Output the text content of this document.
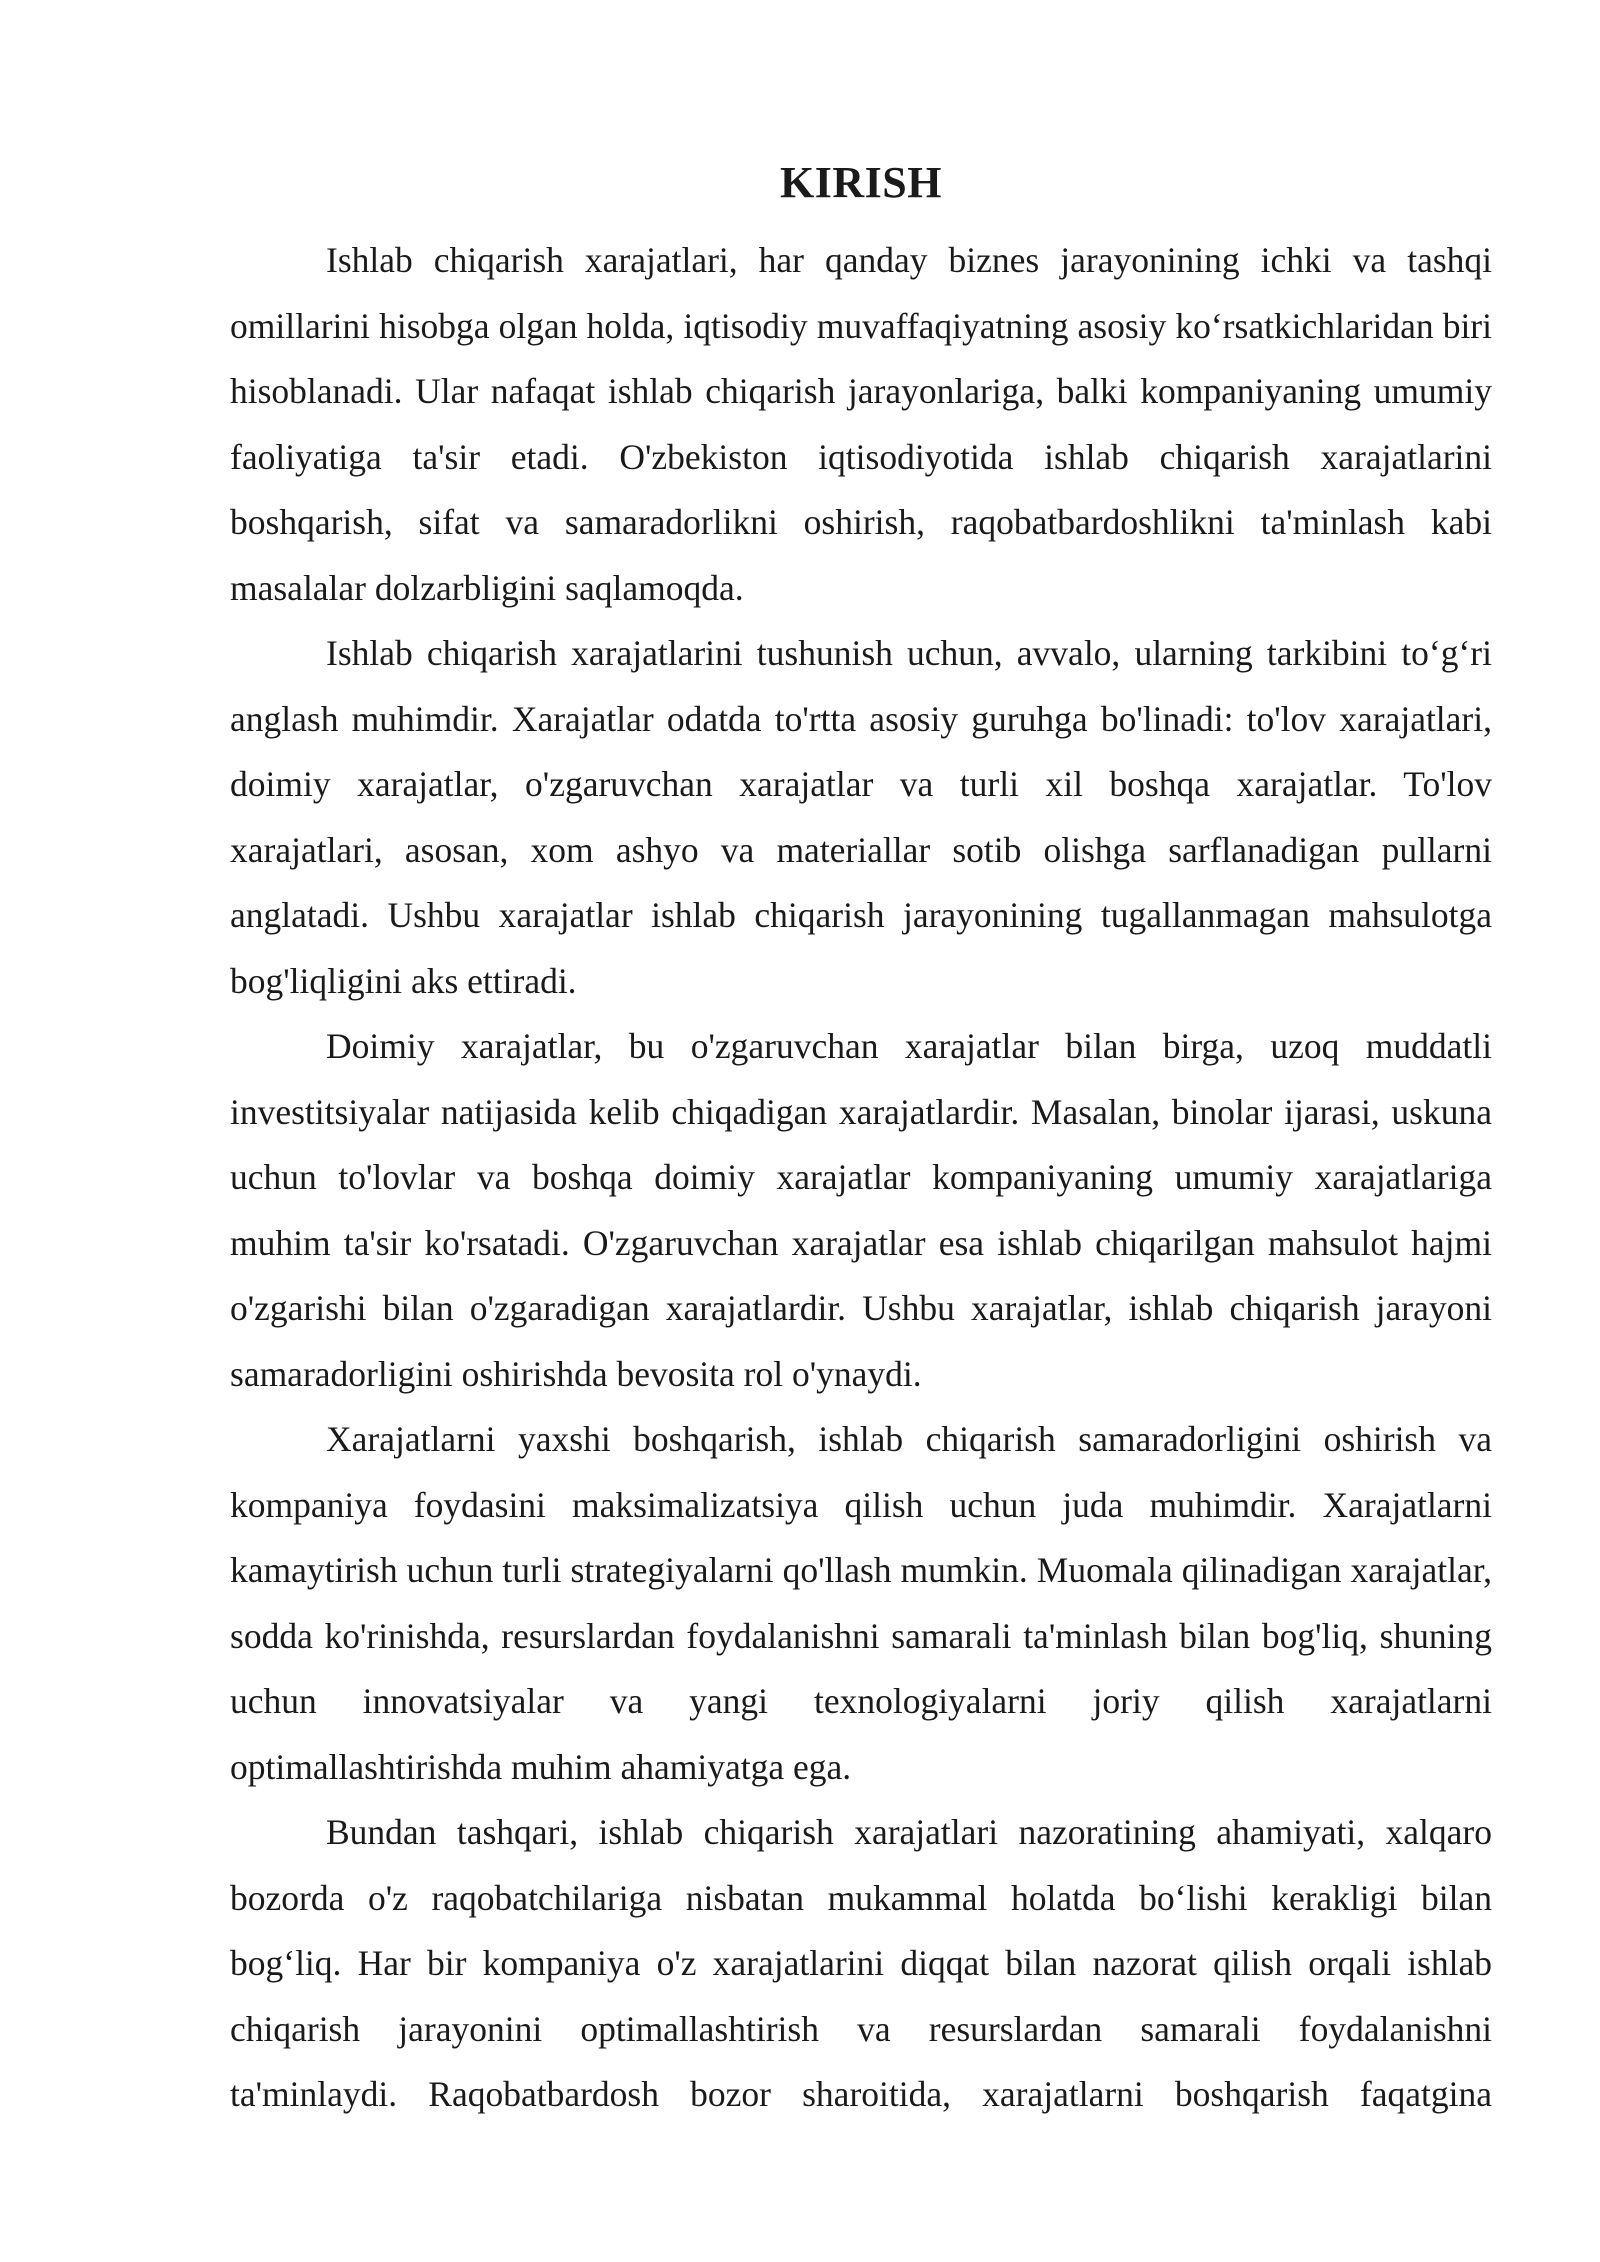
KIRISH

Ishlab chiqarish xarajatlari, har qanday biznes jarayonining ichki va tashqi omillarini hisobga olgan holda, iqtisodiy muvaffaqiyatning asosiy ko‘rsatkichlaridan biri hisoblanadi. Ular nafaqat ishlab chiqarish jarayonlariga, balki kompaniyaning umumiy faoliyatiga ta'sir etadi. O'zbekiston iqtisodiyotida ishlab chiqarish xarajatlarini boshqarish, sifat va samaradorlikni oshirish, raqobatbardoshlikni ta'minlash kabi masalalar dolzarbligini saqlamoqda.

Ishlab chiqarish xarajatlarini tushunish uchun, avvalo, ularning tarkibini to‘g‘ri anglash muhimdir. Xarajatlar odatda to'rtta asosiy guruhga bo'linadi: to'lov xarajatlari, doimiy xarajatlar, o'zgaruvchan xarajatlar va turli xil boshqa xarajatlar. To'lov xarajatlari, asosan, xom ashyo va materiallar sotib olishga sarflanadigan pullarni anglatadi. Ushbu xarajatlar ishlab chiqarish jarayonining tugallanmagan mahsulotga bog'liqligini aks ettiradi.

Doimiy xarajatlar, bu o'zgaruvchan xarajatlar bilan birga, uzoq muddatli investitsiyalar natijasida kelib chiqadigan xarajatlardir. Masalan, binolar ijarasi, uskuna uchun to'lovlar va boshqa doimiy xarajatlar kompaniyaning umumiy xarajatlariga muhim ta'sir ko'rsatadi. O'zgaruvchan xarajatlar esa ishlab chiqarilgan mahsulot hajmi o'zgarishi bilan o'zgaradigan xarajatlardir. Ushbu xarajatlar, ishlab chiqarish jarayoni samaradorligini oshirishda bevosita rol o'ynaydi.

Xarajatlarni yaxshi boshqarish, ishlab chiqarish samaradorligini oshirish va kompaniya foydasini maksimalizatsiya qilish uchun juda muhimdir. Xarajatlarni kamaytirish uchun turli strategiyalarni qo'llash mumkin. Muomala qilinadigan xarajatlar, sodda ko'rinishda, resurslardan foydalanishni samarali ta'minlash bilan bog'liq, shuning uchun innovatsiyalar va yangi texnologiyalarni joriy qilish xarajatlarni optimallashtirishda muhim ahamiyatga ega.

Bundan tashqari, ishlab chiqarish xarajatlari nazoratining ahamiyati, xalqaro bozorda o'z raqobatchilariga nisbatan mukammal holatda bo‘lishi kerakligi bilan bog‘liq. Har bir kompaniya o'z xarajatlarini diqqat bilan nazorat qilish orqali ishlab chiqarish jarayonini optimallashtirish va resurslardan samarali foydalanishni ta'minlaydi. Raqobatbardosh bozor sharoitida, xarajatlarni boshqarish faqatgina
